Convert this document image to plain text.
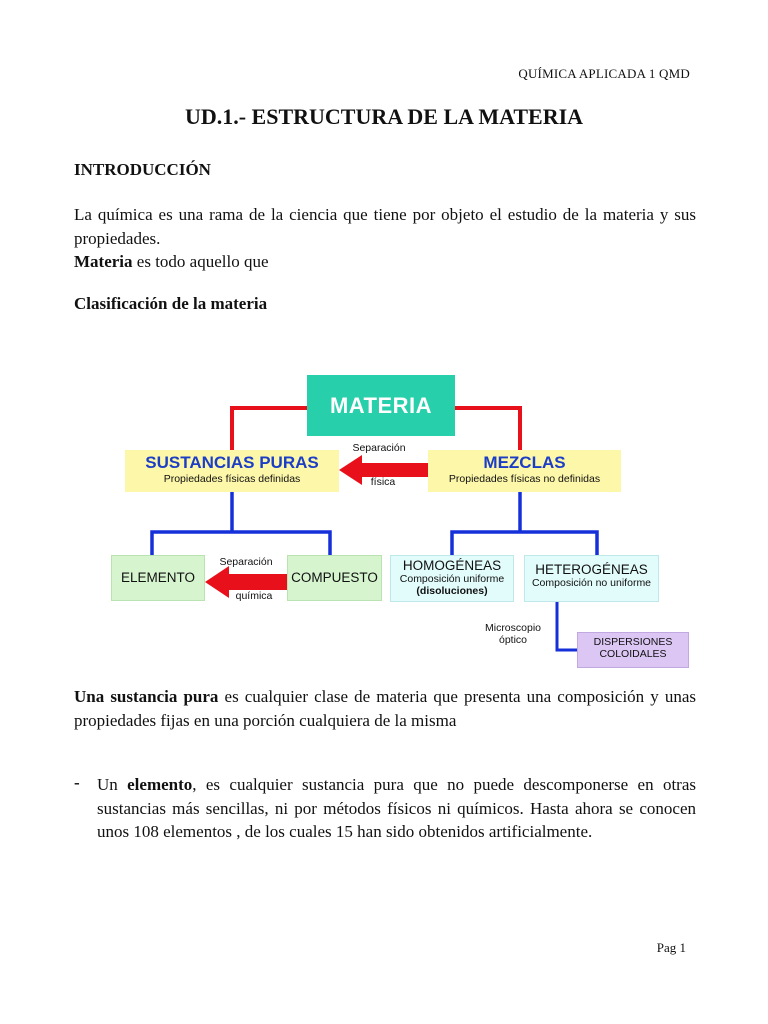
QUÍMICA APLICADA 1 QMD
UD.1.- ESTRUCTURA DE LA MATERIA
INTRODUCCIÓN
La química es una rama de la ciencia que tiene por objeto el estudio de la materia y sus propiedades.
Materia es todo aquello que
Clasificación de la materia
MATERIA
SUSTANCIAS PURAS
Propiedades físicas definidas
Separación
física
MEZCLAS
Propiedades físicas no definidas
ELEMENTO
Separación
química
COMPUESTO
HOMOGÉNEAS
Composición uniforme
(disoluciones)
HETEROGÉNEAS
Composición no uniforme
Microscopio
óptico	DISPERSIONES
COLOIDALES
Una sustancia pura es cualquier clase de materia que presenta una composición y unas propiedades fijas en una porción cualquiera de la misma
- Un elemento, es cualquier sustancia pura que no puede descomponerse en otras sustancias más sencillas, ni por métodos físicos ni químicos. Hasta ahora se conocen unos 108 elementos , de los cuales 15 han sido obtenidos artificialmente.
Pag 1
